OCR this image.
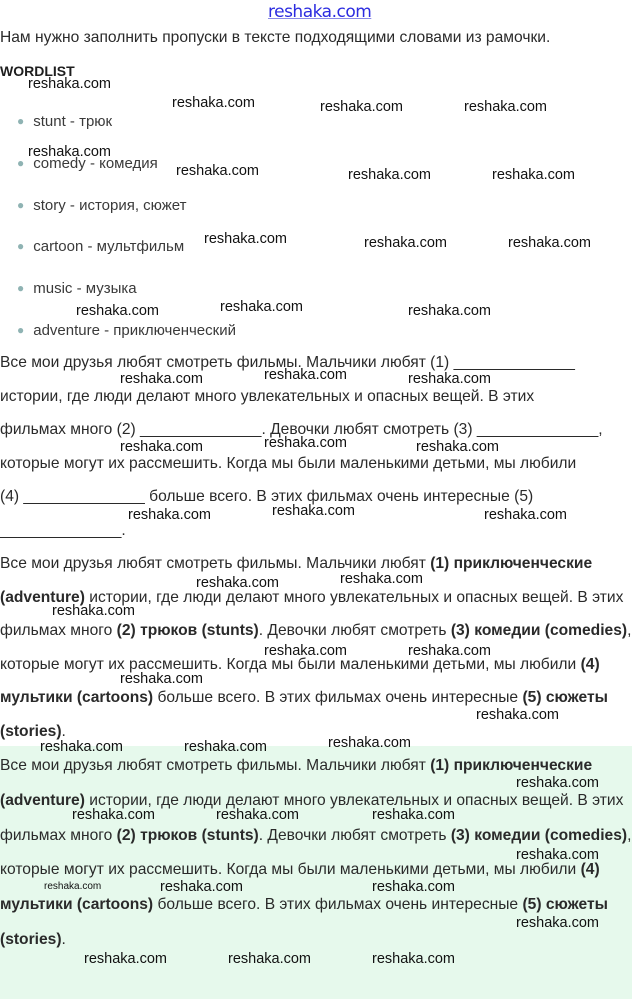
reshaka.com
Нам нужно заполнить пропуски в тексте подходящими словами из рамочки.
WORDLIST
● stunt - трюк
● comedy - комедия
● story - история, сюжет
● cartoon - мультфильм
● music - музыка
● adventure - приключенческий
Все мои друзья любят смотреть фильмы. Мальчики любят (1) ______________
истории, где люди делают много увлекательных и опасных вещей. В этих
фильмах много (2) ______________. Девочки любят смотреть (3) ______________,
которые могут их рассмешить. Когда мы были маленькими детьми, мы любили
(4) ______________ больше всего. В этих фильмах очень интересные (5)
______________.
Все мои друзья любят смотреть фильмы. Мальчики любят (1) приключенческие (adventure) истории, где люди делают много увлекательных и опасных вещей. В этих фильмах много (2) трюков (stunts). Девочки любят смотреть (3) комедии (comedies), которые могут их рассмешить. Когда мы были маленькими детьми, мы любили (4) мультики (cartoons) больше всего. В этих фильмах очень интересные (5) сюжеты (stories).
Все мои друзья любят смотреть фильмы. Мальчики любят (1) приключенческие (adventure) истории, где люди делают много увлекательных и опасных вещей. В этих фильмах много (2) трюков (stunts). Девочки любят смотреть (3) комедии (comedies), которые могут их рассмешить. Когда мы были маленькими детьми, мы любили (4) мультики (cartoons) больше всего. В этих фильмах очень интересные (5) сюжеты (stories).
reshaka.com
reshaka.com	reshaka.com	reshaka.com
reshaka.com
reshaka.com	reshaka.com	reshaka.com
reshaka.com	reshaka.com	reshaka.com
reshaka.com
reshaka.com	reshaka.com
reshaka.com	reshaka.com	reshaka.com
reshaka.com
reshaka.com	reshaka.com
reshaka.com	reshaka.com	reshaka.com
reshaka.com
reshaka.com
reshaka.com
reshaka.com	reshaka.com
reshaka.com
reshaka.com
reshaka.com	reshaka.com	reshaka.com
reshaka.com
reshaka.com	reshaka.com	reshaka.com
reshaka.com
reshaka.com	reshaka.com	reshaka.com
reshaka.com
reshaka.com	reshaka.com	reshaka.com
